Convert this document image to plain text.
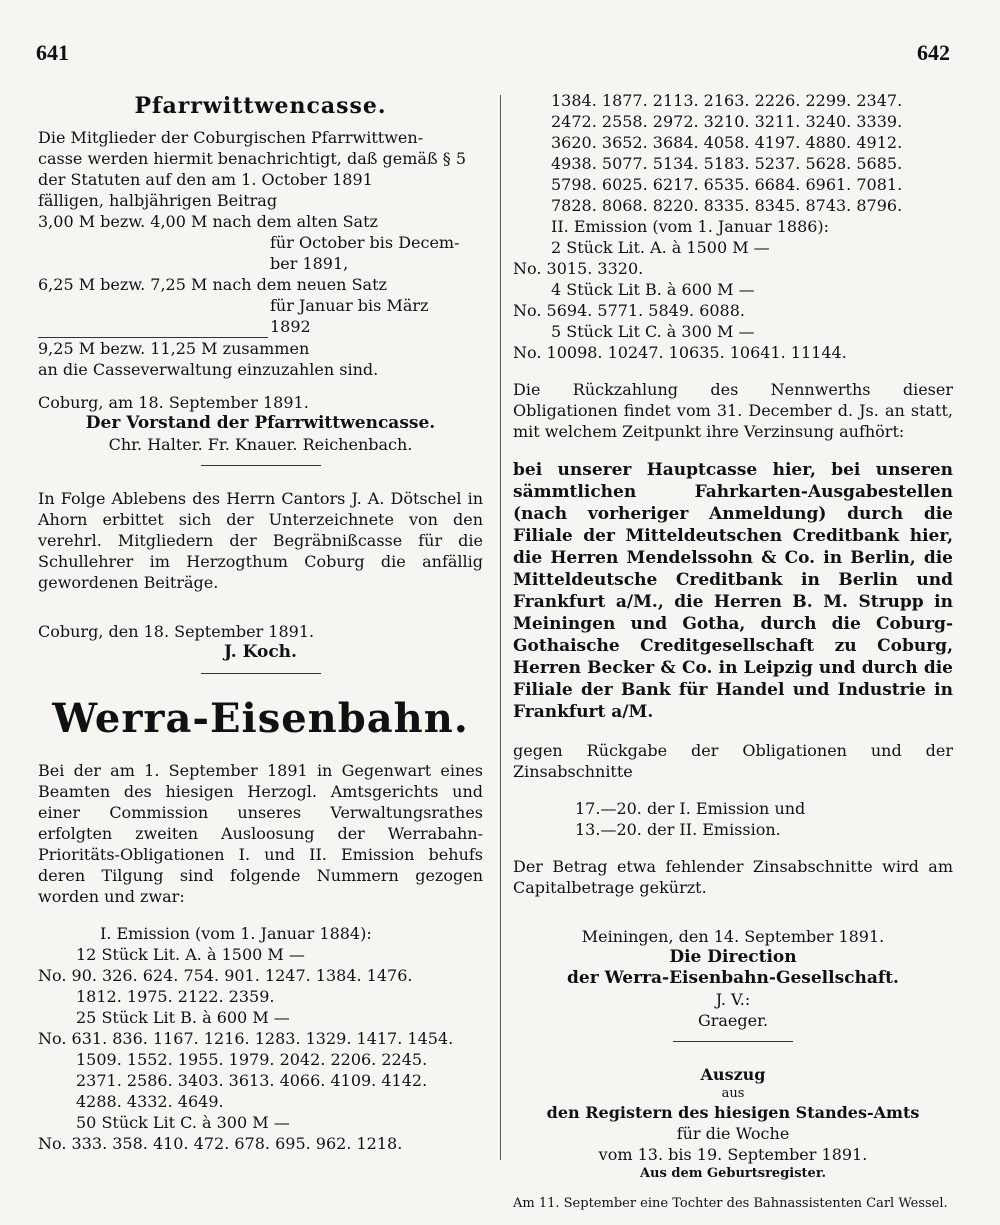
641	642
Pfarrwittwencasse.

Die Mitglieder der Coburgischen Pfarrwittwen-

casse werden hiermit benachrichtigt, daß gemäß § 5

der Statuten auf den am 1. October 1891

fälligen, halbjährigen Beitrag

3,00 M bezw. 4,00 M nach dem alten Satz

für October bis Decem-

ber 1891,

6,25 M bezw. 7,25 M nach dem neuen Satz

für Januar bis März

1892

9,25 M bezw. 11,25 M zusammen

an die Casseverwaltung einzuzahlen sind.

Coburg, am 18. September 1891.

Der Vorstand der Pfarrwittwencasse.

Chr. Halter. Fr. Knauer. Reichenbach.

In Folge Ablebens des Herrn Cantors J. A. Dötschel in Ahorn erbittet sich der Unterzeichnete von den verehrl. Mitgliedern der Begräbnißcasse für die Schullehrer im Herzogthum Coburg die anfällig gewordenen Beiträge.

Coburg, den 18. September 1891.

J. Koch.

Werra-Eisenbahn.

Bei der am 1. September 1891 in Gegenwart eines Beamten des hiesigen Herzogl. Amtsgerichts und einer Commission unseres Verwaltungsrathes erfolgten zweiten Ausloosung der Werrabahn-Prioritäts-Obligationen I. und II. Emission behufs deren Tilgung sind folgende Nummern gezogen worden und zwar:

I. Emission (vom 1. Januar 1884):

12 Stück Lit. A. à 1500 M —

No. 90. 326. 624. 754. 901. 1247. 1384. 1476.

1812. 1975. 2122. 2359.

25 Stück Lit B. à 600 M —

No. 631. 836. 1167. 1216. 1283. 1329. 1417. 1454.

1509. 1552. 1955. 1979. 2042. 2206. 2245.

2371. 2586. 3403. 3613. 4066. 4109. 4142.

4288. 4332. 4649.

50 Stück Lit C. à 300 M —

No. 333. 358. 410. 472. 678. 695. 962. 1218.

1384. 1877. 2113. 2163. 2226. 2299. 2347.

2472. 2558. 2972. 3210. 3211. 3240. 3339.

3620. 3652. 3684. 4058. 4197. 4880. 4912.

4938. 5077. 5134. 5183. 5237. 5628. 5685.

5798. 6025. 6217. 6535. 6684. 6961. 7081.

7828. 8068. 8220. 8335. 8345. 8743. 8796.

II. Emission (vom 1. Januar 1886):

2 Stück Lit. A. à 1500 M —

No. 3015. 3320.

4 Stück Lit B. à 600 M —

No. 5694. 5771. 5849. 6088.

5 Stück Lit C. à 300 M —

No. 10098. 10247. 10635. 10641. 11144.

Die Rückzahlung des Nennwerths dieser Obligationen findet vom 31. December d. Js. an statt, mit welchem Zeitpunkt ihre Verzinsung aufhört:

bei unserer Hauptcasse hier, bei unseren sämmtlichen Fahrkarten-Ausgabestellen (nach vorheriger Anmeldung) durch die Filiale der Mitteldeutschen Creditbank hier, die Herren Mendelssohn & Co. in Berlin, die Mitteldeutsche Creditbank in Berlin und Frankfurt a/M., die Herren B. M. Strupp in Meiningen und Gotha, durch die Coburg-Gothaische Creditgesellschaft zu Coburg, Herren Becker & Co. in Leipzig und durch die Filiale der Bank für Handel und Industrie in Frankfurt a/M.

gegen Rückgabe der Obligationen und der Zinsabschnitte

17.—20. der I. Emission und

13.—20. der II. Emission.

Der Betrag etwa fehlender Zinsabschnitte wird am Capitalbetrage gekürzt.

Meiningen, den 14. September 1891.

Die Direction

der Werra-Eisenbahn-Gesellschaft.

J. V.:

Graeger.

Auszug

aus

den Registern des hiesigen Standes-Amts

für die Woche

vom 13. bis 19. September 1891.

Aus dem Geburtsregister.

Am 11. September eine Tochter des Bahnassistenten Carl Wessel.
